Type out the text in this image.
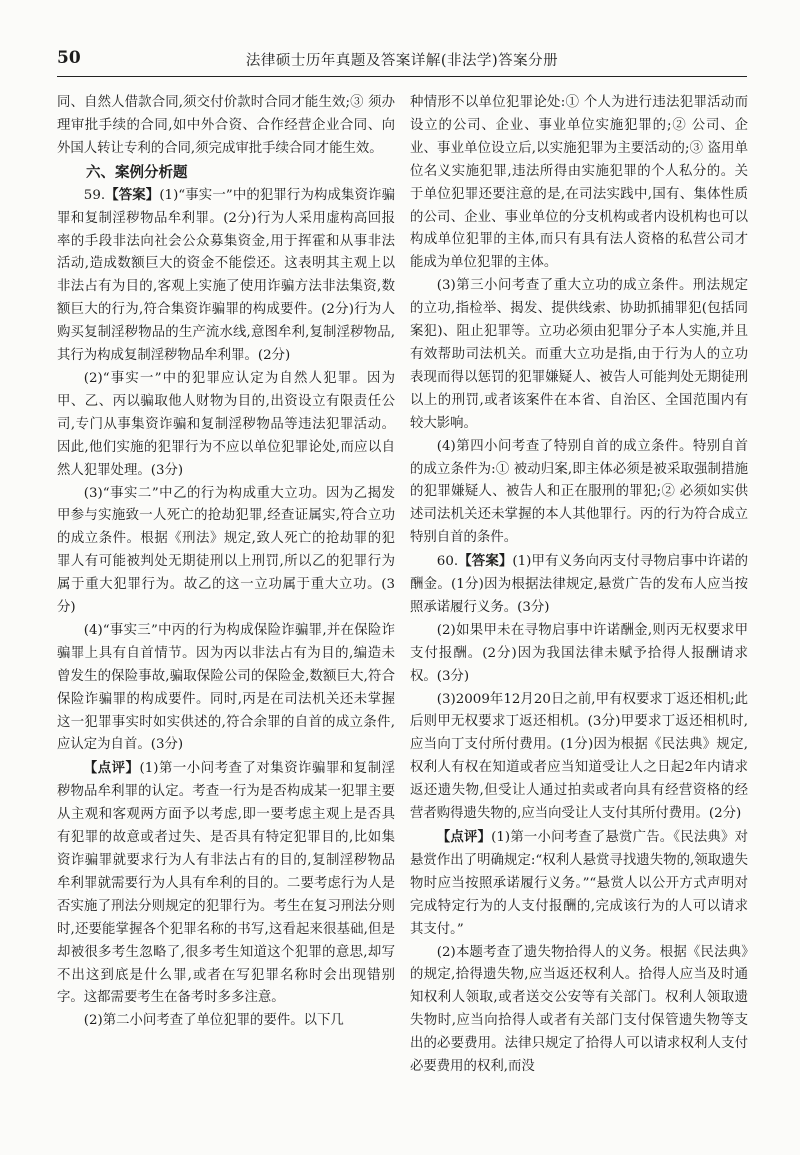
50	法律硕士历年真题及答案详解(非法学)答案分册

同、自然人借款合同,须交付价款时合同才能生效;③ 须办理审批手续的合同,如中外合资、合作经营企业合同、向外国人转让专利的合同,须完成审批手续合同才能生效。

六、案例分析题

59.【答案】(1)“事实一”中的犯罪行为构成集资诈骗罪和复制淫秽物品牟利罪。(2分)行为人采用虚构高回报率的手段非法向社会公众募集资金,用于挥霍和从事非法活动,造成数额巨大的资金不能偿还。这表明其主观上以非法占有为目的,客观上实施了使用诈骗方法非法集资,数额巨大的行为,符合集资诈骗罪的构成要件。(2分)行为人购买复制淫秽物品的生产流水线,意图牟利,复制淫秽物品,其行为构成复制淫秽物品牟利罪。(2分)

(2)“事实一”中的犯罪应认定为自然人犯罪。因为甲、乙、丙以骗取他人财物为目的,出资设立有限责任公司,专门从事集资诈骗和复制淫秽物品等违法犯罪活动。因此,他们实施的犯罪行为不应以单位犯罪论处,而应以自然人犯罪处理。(3分)

(3)“事实二”中乙的行为构成重大立功。因为乙揭发甲参与实施致一人死亡的抢劫犯罪,经查证属实,符合立功的成立条件。根据《刑法》规定,致人死亡的抢劫罪的犯罪人有可能被判处无期徒刑以上刑罚,所以乙的犯罪行为属于重大犯罪行为。故乙的这一立功属于重大立功。(3分)

(4)“事实三”中丙的行为构成保险诈骗罪,并在保险诈骗罪上具有自首情节。因为丙以非法占有为目的,编造未曾发生的保险事故,骗取保险公司的保险金,数额巨大,符合保险诈骗罪的构成要件。同时,丙是在司法机关还未掌握这一犯罪事实时如实供述的,符合余罪的自首的成立条件,应认定为自首。(3分)

【点评】(1)第一小问考查了对集资诈骗罪和复制淫秽物品牟利罪的认定。考查一行为是否构成某一犯罪主要从主观和客观两方面予以考虑,即一要考虑主观上是否具有犯罪的故意或者过失、是否具有特定犯罪目的,比如集资诈骗罪就要求行为人有非法占有的目的,复制淫秽物品牟利罪就需要行为人具有牟利的目的。二要考虑行为人是否实施了刑法分则规定的犯罪行为。考生在复习刑法分则时,还要能掌握各个犯罪名称的书写,这看起来很基础,但是却被很多考生忽略了,很多考生知道这个犯罪的意思,却写不出这到底是什么罪,或者在写犯罪名称时会出现错别字。这都需要考生在备考时多多注意。

(2)第二小问考查了单位犯罪的要件。以下几

种情形不以单位犯罪论处:① 个人为进行违法犯罪活动而设立的公司、企业、事业单位实施犯罪的;② 公司、企业、事业单位设立后,以实施犯罪为主要活动的;③ 盗用单位名义实施犯罪,违法所得由实施犯罪的个人私分的。关于单位犯罪还要注意的是,在司法实践中,国有、集体性质的公司、企业、事业单位的分支机构或者内设机构也可以构成单位犯罪的主体,而只有具有法人资格的私营公司才能成为单位犯罪的主体。

(3)第三小问考查了重大立功的成立条件。刑法规定的立功,指检举、揭发、提供线索、协助抓捕罪犯(包括同案犯)、阻止犯罪等。立功必须由犯罪分子本人实施,并且有效帮助司法机关。而重大立功是指,由于行为人的立功表现而得以惩罚的犯罪嫌疑人、被告人可能判处无期徒刑以上的刑罚,或者该案件在本省、自治区、全国范围内有较大影响。

(4)第四小问考查了特别自首的成立条件。特别自首的成立条件为:① 被动归案,即主体必须是被采取强制措施的犯罪嫌疑人、被告人和正在服刑的罪犯;② 必须如实供述司法机关还未掌握的本人其他罪行。丙的行为符合成立特别自首的条件。

60.【答案】(1)甲有义务向丙支付寻物启事中许诺的酬金。(1分)因为根据法律规定,悬赏广告的发布人应当按照承诺履行义务。(3分)

(2)如果甲未在寻物启事中许诺酬金,则丙无权要求甲支付报酬。(2分)因为我国法律未赋予拾得人报酬请求权。(3分)

(3)2009年12月20日之前,甲有权要求丁返还相机;此后则甲无权要求丁返还相机。(3分)甲要求丁返还相机时,应当向丁支付所付费用。(1分)因为根据《民法典》规定,权利人有权在知道或者应当知道受让人之日起2年内请求返还遗失物,但受让人通过拍卖或者向具有经营资格的经营者购得遗失物的,应当向受让人支付其所付费用。(2分)

【点评】(1)第一小问考查了悬赏广告。《民法典》对悬赏作出了明确规定:“权利人悬赏寻找遗失物的,领取遗失物时应当按照承诺履行义务。”“悬赏人以公开方式声明对完成特定行为的人支付报酬的,完成该行为的人可以请求其支付。”

(2)本题考查了遗失物拾得人的义务。根据《民法典》的规定,拾得遗失物,应当返还权利人。拾得人应当及时通知权利人领取,或者送交公安等有关部门。权利人领取遗失物时,应当向拾得人或者有关部门支付保管遗失物等支出的必要费用。法律只规定了拾得人可以请求权利人支付必要费用的权利,而没
